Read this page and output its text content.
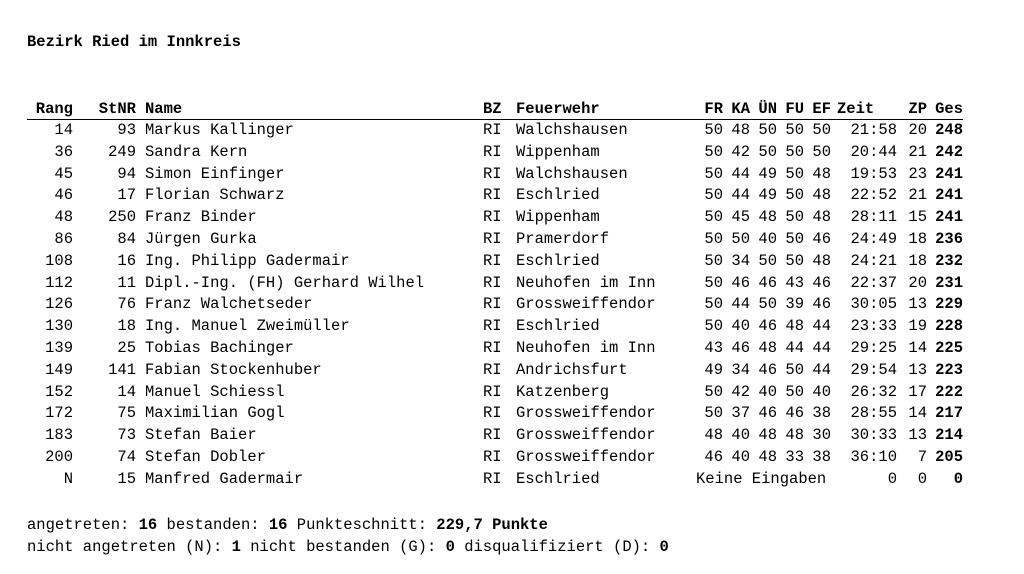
Bezirk Ried im Innkreis
Rang	StNR	Name	BZ	Feuerwehr	FR	KA	ÜN	FU	EF	Zeit	ZP	Ges
14	93	Markus Kallinger	RI	Walchshausen	50	48	50	50	50	21:58	20	248
36	249	Sandra Kern	RI	Wippenham	50	42	50	50	50	20:44	21	242
45	94	Simon Einfinger	RI	Walchshausen	50	44	49	50	48	19:53	23	241
46	17	Florian Schwarz	RI	Eschlried	50	44	49	50	48	22:52	21	241
48	250	Franz Binder	RI	Wippenham	50	45	48	50	48	28:11	15	241
86	84	Jürgen Gurka	RI	Pramerdorf	50	50	40	50	46	24:49	18	236
108	16	Ing. Philipp Gadermair	RI	Eschlried	50	34	50	50	48	24:21	18	232
112	11	Dipl.-Ing. (FH) Gerhard Wilhel	RI	Neuhofen im Inn	50	46	46	43	46	22:37	20	231
126	76	Franz Walchetseder	RI	Grossweiffendor	50	44	50	39	46	30:05	13	229
130	18	Ing. Manuel Zweimüller	RI	Eschlried	50	40	46	48	44	23:33	19	228
139	25	Tobias Bachinger	RI	Neuhofen im Inn	43	46	48	44	44	29:25	14	225
149	141	Fabian Stockenhuber	RI	Andrichsfurt	49	34	46	50	44	29:54	13	223
152	14	Manuel Schiessl	RI	Katzenberg	50	42	40	50	40	26:32	17	222
172	75	Maximilian Gogl	RI	Grossweiffendor	50	37	46	46	38	28:55	14	217
183	73	Stefan Baier	RI	Grossweiffendor	48	40	48	48	30	30:33	13	214
200	74	Stefan Dobler	RI	Grossweiffendor	46	40	48	33	38	36:10	7	205
N	15	Manfred Gadermair	RI	Eschlried	Keine Eingaben					0	0	0
angetreten: 16 bestanden: 16 Punkteschnitt: 229,7 Punkte
nicht angetreten (N): 1 nicht bestanden (G): 0 disqualifiziert (D): 0
